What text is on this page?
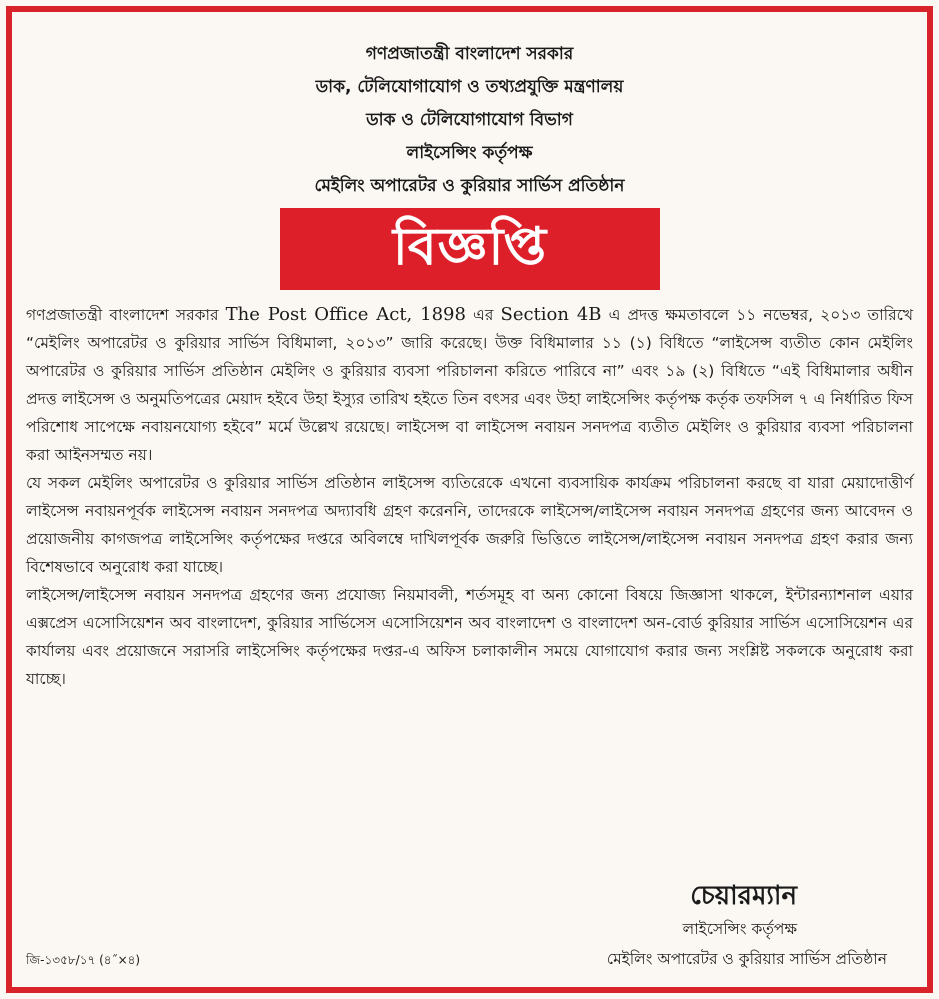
গণপ্রজাতন্ত্রী বাংলাদেশ সরকার
ডাক, টেলিযোগাযোগ ও তথ্যপ্রযুক্তি মন্ত্রণালয়
ডাক ও টেলিযোগাযোগ বিভাগ
লাইসেন্সিং কর্তৃপক্ষ
মেইলিং অপারেটর ও কুরিয়ার সার্ভিস প্রতিষ্ঠান
বিজ্ঞপ্তি

গণপ্রজাতন্ত্রী বাংলাদেশ সরকার The Post Office Act, 1898 এর Section 4B এ প্রদত্ত ক্ষমতাবলে ১১ নভেম্বর, ২০১৩ তারিখে “মেইলিং অপারেটর ও কুরিয়ার সার্ভিস বিধিমালা, ২০১৩” জারি করেছে। উক্ত বিধিমালার ১১ (১) বিধিতে “লাইসেন্স ব্যতীত কোন মেইলিং অপারেটর ও কুরিয়ার সার্ভিস প্রতিষ্ঠান মেইলিং ও কুরিয়ার ব্যবসা পরিচালনা করিতে পারিবে না” এবং ১৯ (২) বিধিতে “এই বিধিমালার অধীন প্রদত্ত লাইসেন্স ও অনুমতিপত্রের মেয়াদ হইবে উহা ইস্যুর তারিখ হইতে তিন বৎসর এবং উহা লাইসেন্সিং কর্তৃপক্ষ কর্তৃক তফসিল ৭ এ নির্ধারিত ফিস পরিশোধ সাপেক্ষে নবায়নযোগ্য হইবে” মর্মে উল্লেখ রয়েছে। লাইসেন্স বা লাইসেন্স নবায়ন সনদপত্র ব্যতীত মেইলিং ও কুরিয়ার ব্যবসা পরিচালনা করা আইনসম্মত নয়।

যে সকল মেইলিং অপারেটর ও কুরিয়ার সার্ভিস প্রতিষ্ঠান লাইসেন্স ব্যতিরেকে এখনো ব্যবসায়িক কার্যক্রম পরিচালনা করছে বা যারা মেয়াদোত্তীর্ণ লাইসেন্স নবায়নপূর্বক লাইসেন্স নবায়ন সনদপত্র অদ্যাবধি গ্রহণ করেননি, তাদেরকে লাইসেন্স/লাইসেন্স নবায়ন সনদপত্র গ্রহণের জন্য আবেদন ও প্রয়োজনীয় কাগজপত্র লাইসেন্সিং কর্তৃপক্ষের দপ্তরে অবিলম্বে দাখিলপূর্বক জরুরি ভিত্তিতে লাইসেন্স/লাইসেন্স নবায়ন সনদপত্র গ্রহণ করার জন্য বিশেষভাবে অনুরোধ করা যাচ্ছে।

লাইসেন্স/লাইসেন্স নবায়ন সনদপত্র গ্রহণের জন্য প্রযোজ্য নিয়মাবলী, শর্তসমূহ বা অন্য কোনো বিষয়ে জিজ্ঞাসা থাকলে, ইন্টারন্যাশনাল এয়ার এক্সপ্রেস এসোসিয়েশন অব বাংলাদেশ, কুরিয়ার সার্ভিসেস এসোসিয়েশন অব বাংলাদেশ ও বাংলাদেশ অন-বোর্ড কুরিয়ার সার্ভিস এসোসিয়েশন এর কার্যালয় এবং প্রয়োজনে সরাসরি লাইসেন্সিং কর্তৃপক্ষের দপ্তর-এ অফিস চলাকালীন সময়ে যোগাযোগ করার জন্য সংশ্লিষ্ট সকলকে অনুরোধ করা যাচ্ছে।

চেয়ারম্যান
লাইসেন্সিং কর্তৃপক্ষ
মেইলিং অপারেটর ও কুরিয়ার সার্ভিস প্রতিষ্ঠান
জি-১৩৫৮/১৭ (৪˝×৪)
